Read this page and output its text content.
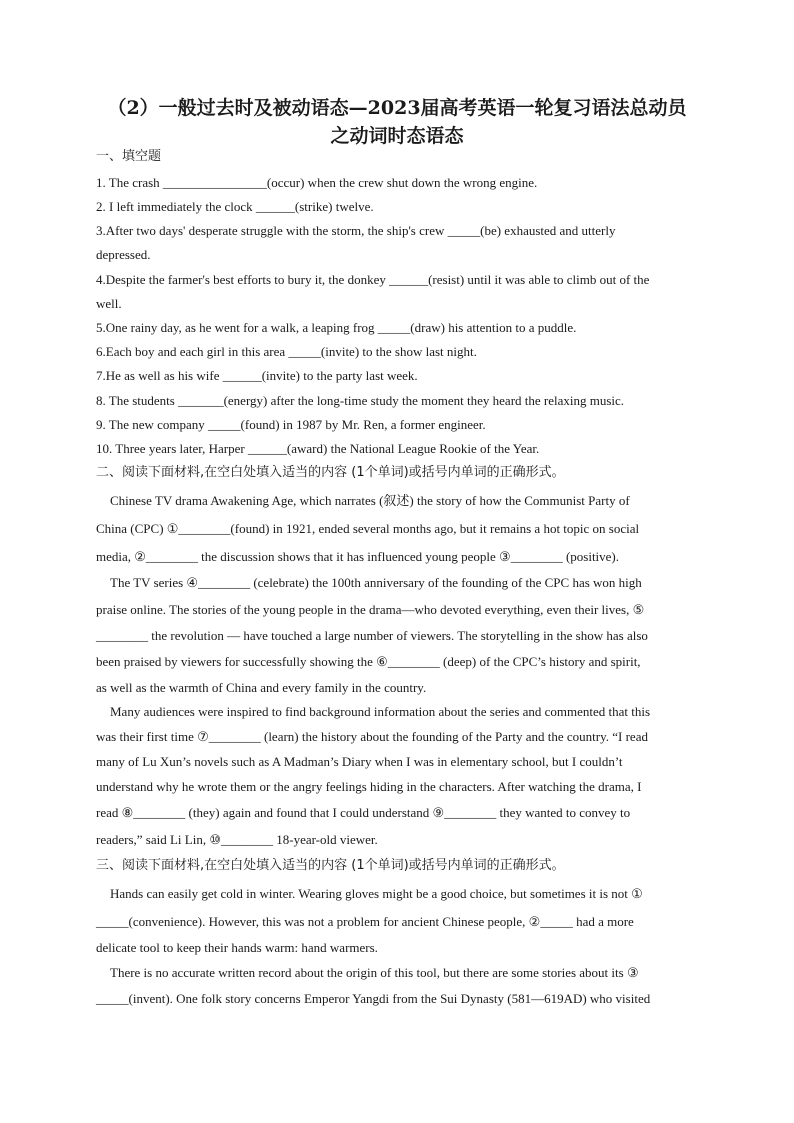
（2）一般过去时及被动语态—2023届高考英语一轮复习语法总动员
之动词时态语态
一、填空题
1. The crash ________________(occur) when the crew shut down the wrong engine.
2. I left immediately the clock ______(strike) twelve.
3.After two days' desperate struggle with the storm, the ship's crew _____(be) exhausted and utterly
depressed.
4.Despite the farmer's best efforts to bury it, the donkey ______(resist) until it was able to climb out of the
well.
5.One rainy day, as he went for a walk, a leaping frog _____(draw) his attention to a puddle.
6.Each boy and each girl in this area _____(invite) to the show last night.
7.He as well as his wife ______(invite) to the party last week.
8. The students _______(energy) after the long-time study the moment they heard the relaxing music.
9. The new company _____(found) in 1987 by Mr. Ren, a former engineer.
10. Three years later, Harper ______(award) the National League Rookie of the Year.
二、阅读下面材料,在空白处填入适当的内容 (1个单词)或括号内单词的正确形式。
Chinese TV drama Awakening Age, which narrates (叙述) the story of how the Communist Party of
China (CPC) ①________(found) in 1921, ended several months ago, but it remains a hot topic on social
media, ②________ the discussion shows that it has influenced young people ③________ (positive).
The TV series ④________ (celebrate) the 100th anniversary of the founding of the CPC has won high
praise online. The stories of the young people in the drama—who devoted everything, even their lives, ⑤
________ the revolution — have touched a large number of viewers. The storytelling in the show has also
been praised by viewers for successfully showing the ⑥________ (deep) of the CPC’s history and spirit,
as well as the warmth of China and every family in the country.
Many audiences were inspired to find background information about the series and commented that this
was their first time ⑦________ (learn) the history about the founding of the Party and the country. “I read
many of Lu Xun’s novels such as A Madman’s Diary when I was in elementary school, but I couldn’t
understand why he wrote them or the angry feelings hiding in the characters. After watching the drama, I
read ⑧________ (they) again and found that I could understand ⑨________ they wanted to convey to
readers,” said Li Lin, ⑩________ 18-year-old viewer.
三、阅读下面材料,在空白处填入适当的内容 (1个单词)或括号内单词的正确形式。
Hands can easily get cold in winter. Wearing gloves might be a good choice, but sometimes it is not ①
_____(convenience). However, this was not a problem for ancient Chinese people, ②_____ had a more
delicate tool to keep their hands warm: hand warmers.
There is no accurate written record about the origin of this tool, but there are some stories about its ③
_____(invent). One folk story concerns Emperor Yangdi from the Sui Dynasty (581—619AD) who visited
